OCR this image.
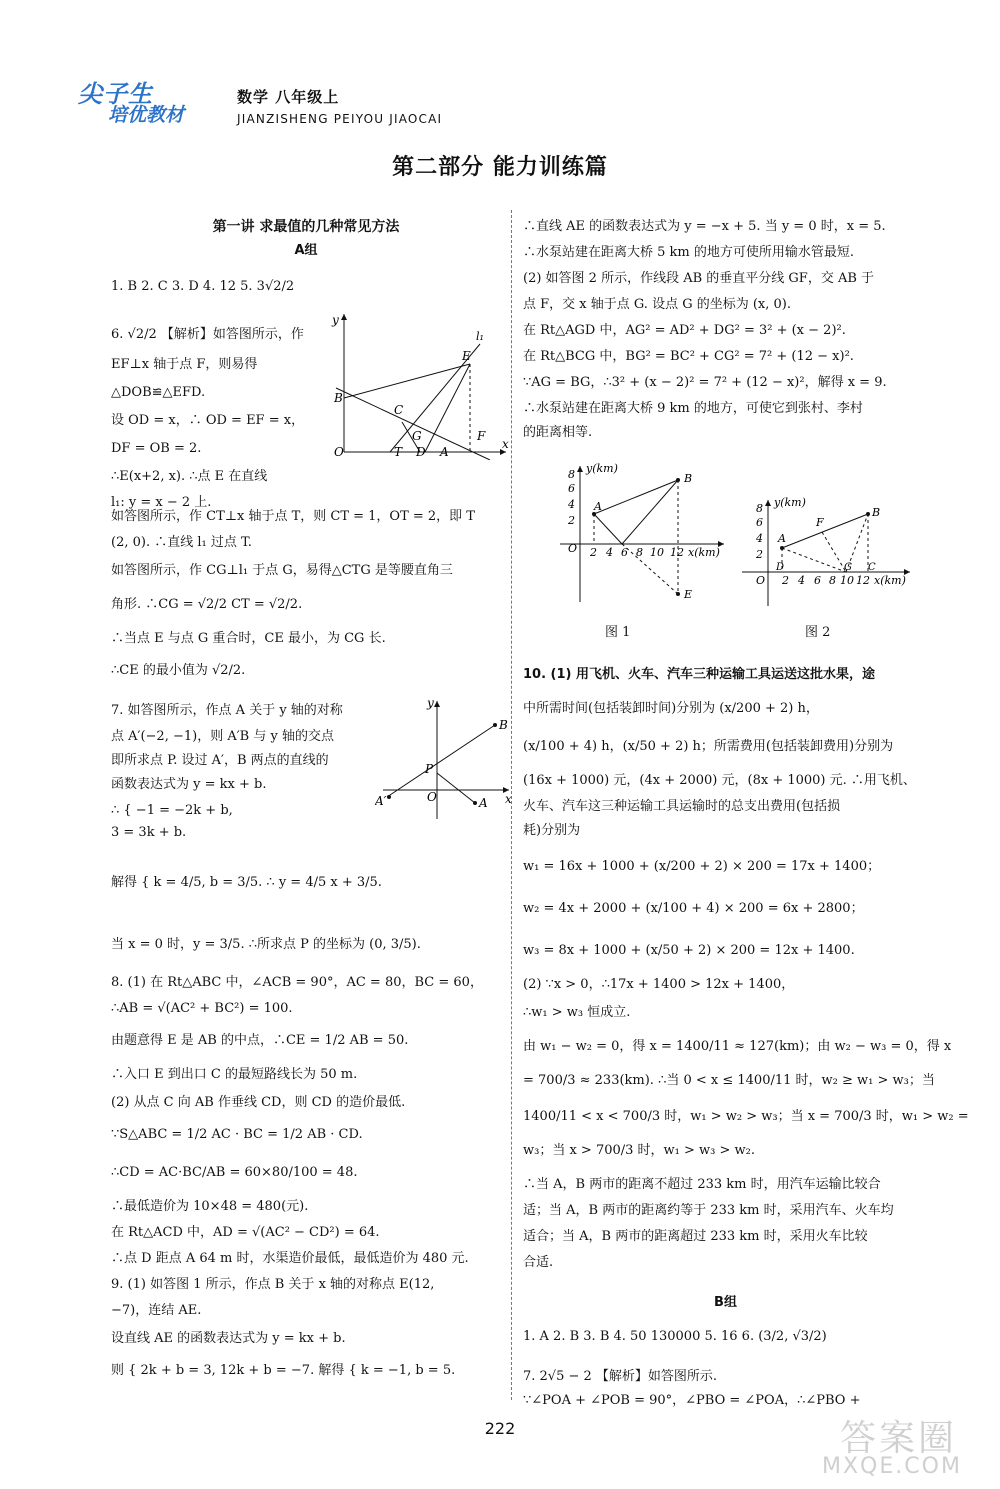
尖子生
培优教材
数学 八年级上
JIANZISHENG PEIYOU JIAOCAI
第二部分 能力训练篇
第一讲 求最值的几种常见方法
A组
1. B 2. C 3. D 4. 12 5. 3√2/2
6. √2/2 【解析】如答图所示，作
EF⊥x 轴于点 F，则易得
△DOB≌△EFD.
设 OD = x，∴ OD = EF = x，
DF = OB = 2.
∴E(x+2, x). ∴点 E 在直线
l₁: y = x − 2 上.
如答图所示，作 CT⊥x 轴于点 T，则 CT = 1，OT = 2，即 T
(2, 0). ∴直线 l₁ 过点 T.
如答图所示，作 CG⊥l₁ 于点 G，易得△CTG 是等腰直角三
角形. ∴CG = √2/2 CT = √2/2.
∴当点 E 与点 G 重合时，CE 最小，为 CG 长.
∴CE 的最小值为 √2/2.
7. 如答图所示，作点 A 关于 y 轴的对称
点 A′(−2, −1)，则 A′B 与 y 轴的交点
即所求点 P. 设过 A′，B 两点的直线的
函数表达式为 y = kx + b.
∴ { −1 = −2k + b,
3 = 3k + b.
解得 { k = 4/5, b = 3/5. ∴ y = 4/5 x + 3/5.
当 x = 0 时，y = 3/5. ∴所求点 P 的坐标为 (0, 3/5).
8. (1) 在 Rt△ABC 中，∠ACB = 90°，AC = 80，BC = 60，
∴AB = √(AC² + BC²) = 100.
由题意得 E 是 AB 的中点，∴CE = 1/2 AB = 50.
∴入口 E 到出口 C 的最短路线长为 50 m.
(2) 从点 C 向 AB 作垂线 CD，则 CD 的造价最低.
∵S△ABC = 1/2 AC · BC = 1/2 AB · CD.
∴CD = AC·BC/AB = 60×80/100 = 48.
∴最低造价为 10×48 = 480(元).
在 Rt△ACD 中，AD = √(AC² − CD²) = 64.
∴点 D 距点 A 64 m 时，水渠造价最低，最低造价为 480 元.
9. (1) 如答图 1 所示，作点 B 关于 x 轴的对称点 E(12,
−7)，连结 AE.
设直线 AE 的函数表达式为 y = kx + b.
则 { 2k + b = 3, 12k + b = −7. 解得 { k = −1, b = 5.
l₁
E
B
C
G	F
O	T D A
x
y
B
A
A′
P
O	x
y
∴直线 AE 的函数表达式为 y = −x + 5. 当 y = 0 时，x = 5.
∴水泵站建在距离大桥 5 km 的地方可使所用输水管最短.
(2) 如答图 2 所示，作线段 AB 的垂直平分线 GF，交 AB 于
点 F，交 x 轴于点 G. 设点 G 的坐标为 (x, 0).
在 Rt△AGD 中，AG² = AD² + DG² = 3² + (x − 2)².
在 Rt△BCG 中，BG² = BC² + CG² = 7² + (12 − x)².
∵AG = BG，∴3² + (x − 2)² = 7² + (12 − x)²，解得 x = 9.
∴水泵站建在距离大桥 9 km 的地方，可使它到张村、李村
的距离相等.
图 1	图 2
10. (1) 用飞机、火车、汽车三种运输工具运送这批水果，途
中所需时间(包括装卸时间)分别为 (x/200 + 2) h，
(x/100 + 4) h，(x/50 + 2) h；所需费用(包括装卸费用)分别为
(16x + 1000) 元，(4x + 2000) 元，(8x + 1000) 元. ∴用飞机、
火车、汽车这三种运输工具运输时的总支出费用(包括损
耗)分别为
w₁ = 16x + 1000 + (x/200 + 2) × 200 = 17x + 1400；
w₂ = 4x + 2000 + (x/100 + 4) × 200 = 6x + 2800；
w₃ = 8x + 1000 + (x/50 + 2) × 200 = 12x + 1400.
(2) ∵x > 0，∴17x + 1400 > 12x + 1400，
∴w₁ > w₃ 恒成立.
由 w₁ − w₂ = 0，得 x = 1400/11 ≈ 127(km)；由 w₂ − w₃ = 0，得 x
= 700/3 ≈ 233(km). ∴当 0 < x ≤ 1400/11 时，w₂ ≥ w₁ > w₃；当
1400/11 < x < 700/3 时，w₁ > w₂ > w₃；当 x = 700/3 时，w₁ > w₂ =
w₃；当 x > 700/3 时，w₁ > w₃ > w₂.
∴当 A，B 两市的距离不超过 233 km 时，用汽车运输比较合
适；当 A，B 两市的距离约等于 233 km 时，采用汽车、火车均
适合；当 A，B 两市的距离超过 233 km 时，采用火车比较
合适.
B组
1. A 2. B 3. B 4. 50 130000 5. 16 6. (3/2, √3/2)
7. 2√5 − 2 【解析】如答图所示.
∵∠POA + ∠POB = 90°，∠PBO = ∠POA，∴∠PBO +
y(km)
8
6
4
2
O 2 4 6 8 10 12 x(km)
A
B
E
y(km)
8
6
4
2
O
D
2 4 6 8 10 12 x(km)
A
B
F
G C
222	答案圈
MXQE.COM
